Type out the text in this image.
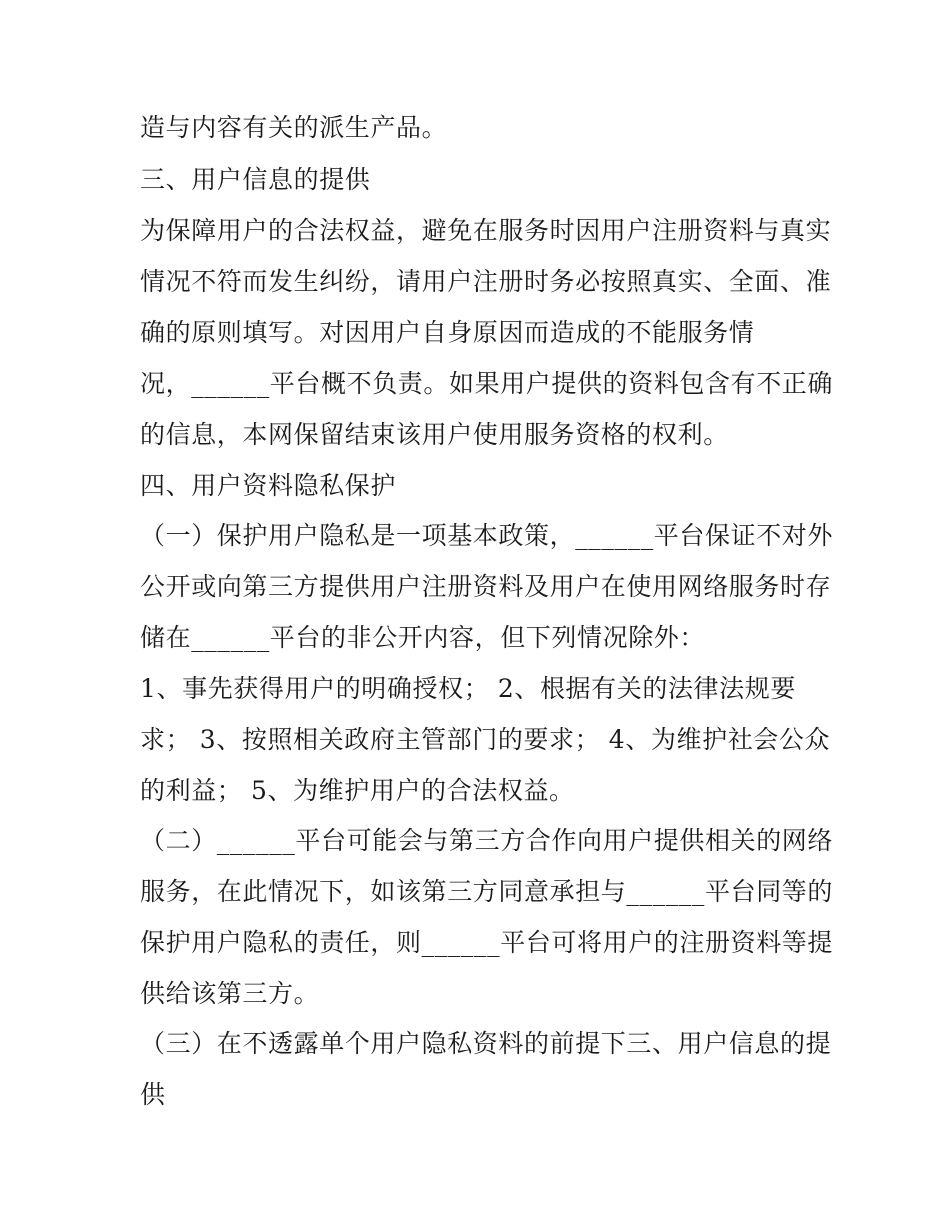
造与内容有关的派生产品。
三、用户信息的提供
为保障用户的合法权益，避免在服务时因用户注册资料与真实
情况不符而发生纠纷，请用户注册时务必按照真实、全面、准
确的原则填写。对因用户自身原因而造成的不能服务情
况，______平台概不负责。如果用户提供的资料包含有不正确
的信息，本网保留结束该用户使用服务资格的权利。
四、用户资料隐私保护
（一）保护用户隐私是一项基本政策，______平台保证不对外
公开或向第三方提供用户注册资料及用户在使用网络服务时存
储在______平台的非公开内容，但下列情况除外：
1、事先获得用户的明确授权； 2、根据有关的法律法规要
求； 3、按照相关政府主管部门的要求； 4、为维护社会公众
的利益； 5、为维护用户的合法权益。
（二）______平台可能会与第三方合作向用户提供相关的网络
服务，在此情况下，如该第三方同意承担与______平台同等的
保护用户隐私的责任，则______平台可将用户的注册资料等提
供给该第三方。
（三）在不透露单个用户隐私资料的前提下三、用户信息的提
供
